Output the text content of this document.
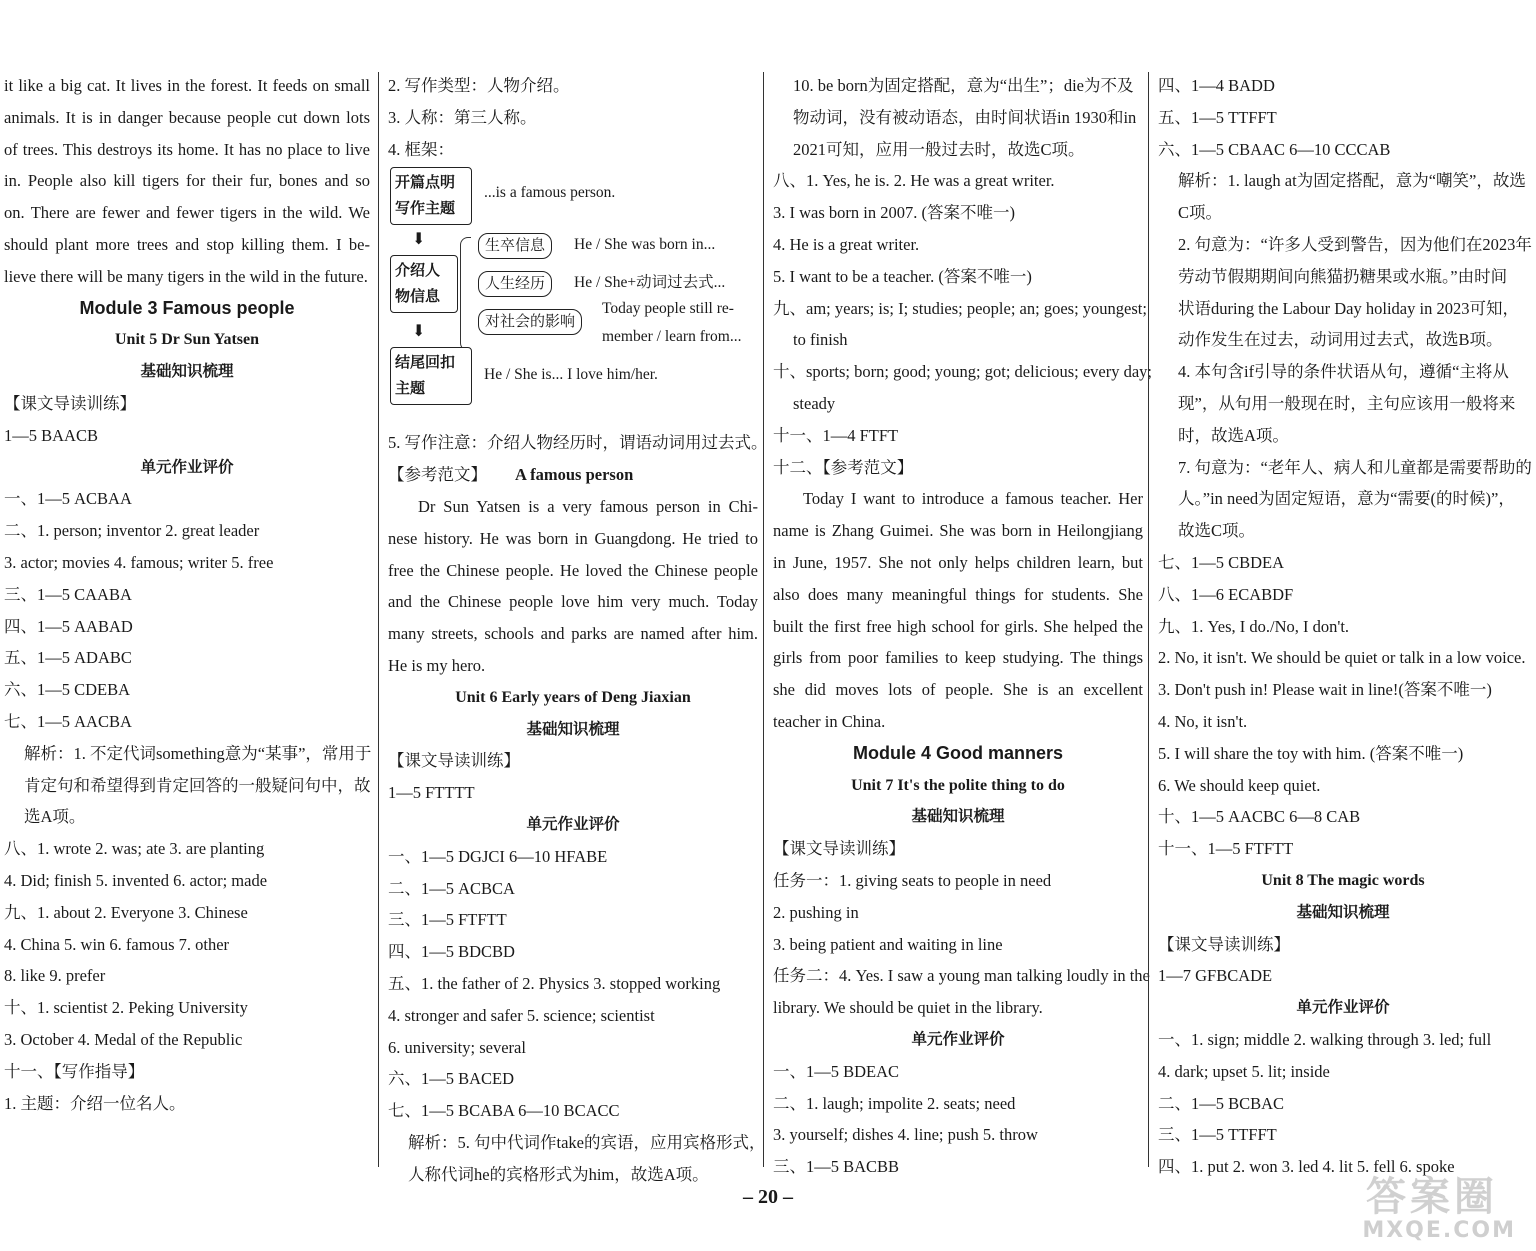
it like a big cat. It lives in the forest. It feeds on small
animals. It is in danger because people cut down lots
of trees. This destroys its home. It has no place to live
in. People also kill tigers for their fur, bones and so
on. There are fewer and fewer tigers in the wild. We
should plant more trees and stop killing them. I be-
lieve there will be many tigers in the wild in the future.
Module 3 Famous people
Unit 5 Dr Sun Yatsen
基础知识梳理
【课文导读训练】
1—5 BAACB
单元作业评价
一、1—5 ACBAA
二、1. person; inventor 2. great leader
3. actor; movies 4. famous; writer 5. free
三、1—5 CAABA
四、1—5 AABAD
五、1—5 ADABC
六、1—5 CDEBA
七、1—5 AACBA
解析：1. 不定代词something意为“某事”，常用于
肯定句和希望得到肯定回答的一般疑问句中，故
选A项。
八、1. wrote 2. was; ate 3. are planting
4. Did; finish 5. invented 6. actor; made
九、1. about 2. Everyone 3. Chinese
4. China 5. win 6. famous 7. other
8. like 9. prefer
十、1. scientist 2. Peking University
3. October 4. Medal of the Republic
十一、【写作指导】
1. 主题：介绍一位名人。
2. 写作类型：人物介绍。
3. 人称：第三人称。
4. 框架：
开篇点明写作主题
...is a famous person.
⬇
介绍人物信息
生卒信息	He / She was born in...
人生经历	He / She+动词过去式...
对社会的影响
Today people still re-
member / learn from...
⬇
结尾回扣主题
He / She is... I love him/her.
5. 写作注意：介绍人物经历时，谓语动词用过去式。
【参考范文】 A famous person
Dr Sun Yatsen is a very famous person in Chi-
nese history. He was born in Guangdong. He tried to
free the Chinese people. He loved the Chinese people
and the Chinese people love him very much. Today
many streets, schools and parks are named after him.
He is my hero.
Unit 6 Early years of Deng Jiaxian
基础知识梳理
【课文导读训练】
1—5 FTTTT
单元作业评价
一、1—5 DGJCI 6—10 HFABE
二、1—5 ACBCA
三、1—5 FTFTT
四、1—5 BDCBD
五、1. the father of 2. Physics 3. stopped working
4. stronger and safer 5. science; scientist
6. university; several
六、1—5 BACED
七、1—5 BCABA 6—10 BCACC
解析：5. 句中代词作take的宾语，应用宾格形式，
人称代词he的宾格形式为him，故选A项。
10. be born为固定搭配，意为“出生”；die为不及
物动词，没有被动语态，由时间状语in 1930和in
2021可知，应用一般过去时，故选C项。
八、1. Yes, he is. 2. He was a great writer.
3. I was born in 2007. (答案不唯一)
4. He is a great writer.
5. I want to be a teacher. (答案不唯一)
九、am; years; is; I; studies; people; an; goes; youngest;
to finish
十、sports; born; good; young; got; delicious; every day;
steady
十一、1—4 FTFT
十二、【参考范文】
Today I want to introduce a famous teacher. Her
name is Zhang Guimei. She was born in Heilongjiang
in June, 1957. She not only helps children learn, but
also does many meaningful things for students. She
built the first free high school for girls. She helped the
girls from poor families to keep studying. The things
she did moves lots of people. She is an excellent
teacher in China.
Module 4 Good manners
Unit 7 It's the polite thing to do
基础知识梳理
【课文导读训练】
任务一：1. giving seats to people in need
2. pushing in
3. being patient and waiting in line
任务二：4. Yes. I saw a young man talking loudly in the
library. We should be quiet in the library.
单元作业评价
一、1—5 BDEAC
二、1. laugh; impolite 2. seats; need
3. yourself; dishes 4. line; push 5. throw
三、1—5 BACBB
四、1—4 BADD
五、1—5 TTFFT
六、1—5 CBAAC 6—10 CCCAB
解析：1. laugh at为固定搭配，意为“嘲笑”，故选
C项。
2. 句意为：“许多人受到警告，因为他们在2023年
劳动节假期期间向熊猫扔糖果或水瓶。”由时间
状语during the Labour Day holiday in 2023可知，
动作发生在过去，动词用过去式，故选B项。
4. 本句含if引导的条件状语从句，遵循“主将从
现”，从句用一般现在时，主句应该用一般将来
时，故选A项。
7. 句意为：“老年人、病人和儿童都是需要帮助的
人。”in need为固定短语，意为“需要(的时候)”，
故选C项。
七、1—5 CBDEA
八、1—6 ECABDF
九、1. Yes, I do./No, I don't.
2. No, it isn't. We should be quiet or talk in a low voice.
3. Don't push in! Please wait in line!(答案不唯一)
4. No, it isn't.
5. I will share the toy with him. (答案不唯一)
6. We should keep quiet.
十、1—5 AACBC 6—8 CAB
十一、1—5 FTFTT
Unit 8 The magic words
基础知识梳理
【课文导读训练】
1—7 GFBCADE
单元作业评价
一、1. sign; middle 2. walking through 3. led; full
4. dark; upset 5. lit; inside
二、1—5 BCBAC
三、1—5 TTFFT
四、1. put 2. won 3. led 4. lit 5. fell 6. spoke
– 20 –	答案圈
MXQE.COM
